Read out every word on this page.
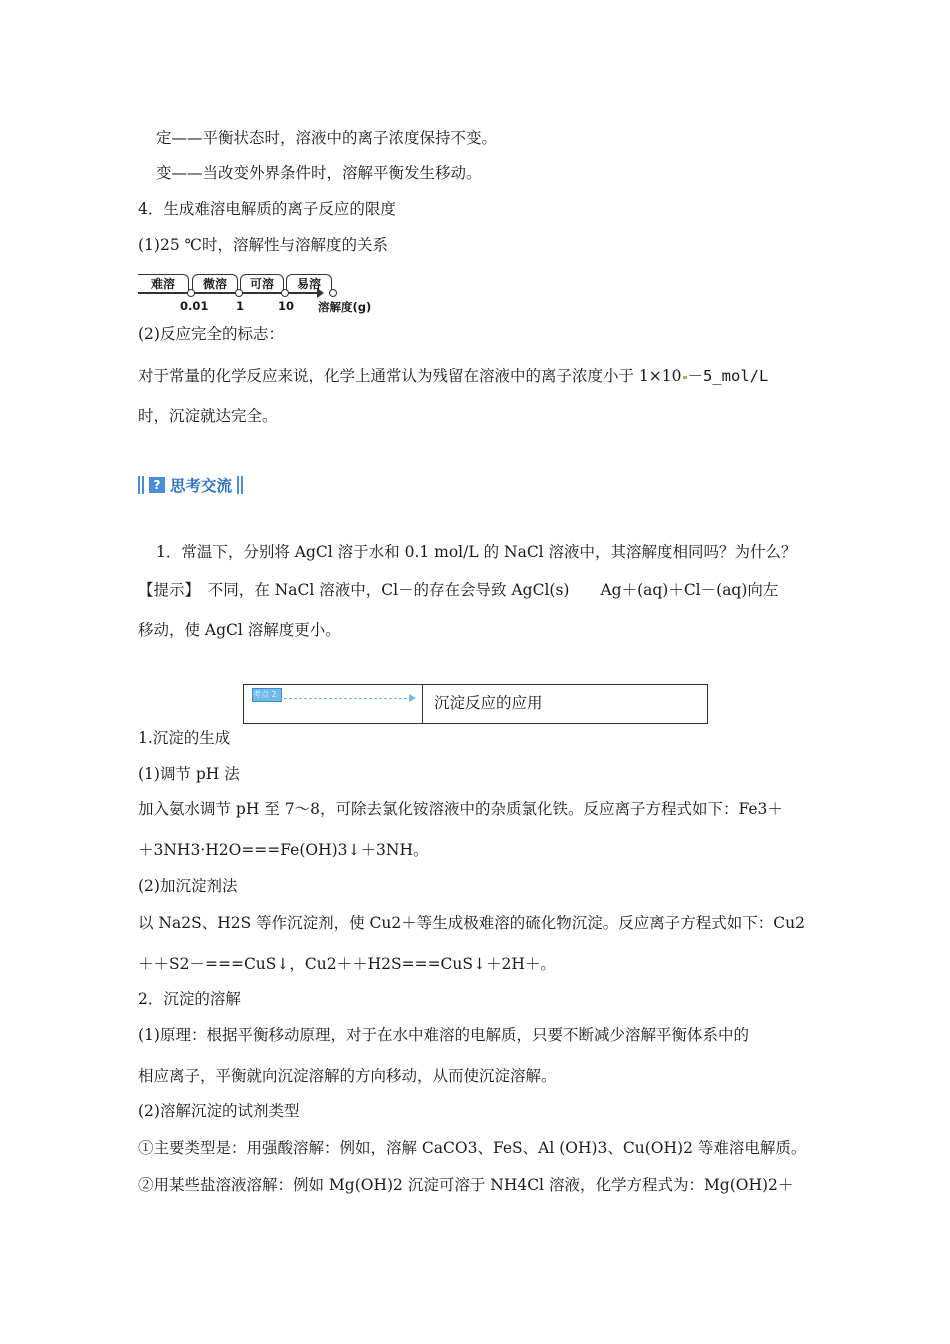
定——平衡状态时，溶液中的离子浓度保持不变。
变——当改变外界条件时，溶解平衡发生移动。
4．生成难溶电解质的离子反应的限度
(1)25 ℃时，溶解性与溶解度的关系
难溶	微溶	可溶	易溶
0.01 1	10 溶解度(g)
(2)反应完全的标志：
对于常量的化学反应来说，化学上通常认为残留在溶液中的离子浓度小于 1×10 －5_mol/L
时，沉淀就达完全。
? 思考交流
1．常温下，分别将 AgCl 溶于水和 0.1 mol/L 的 NaCl 溶液中，其溶解度相同吗？为什么？
【提示】　不同，在 NaCl 溶液中，Cl－的存在会导致 AgCl(s)　　Ag＋(aq)＋Cl－(aq)向左
移动，使 AgCl 溶解度更小。
考点 2	沉淀反应的应用
1.沉淀的生成
(1)调节 pH 法
加入氨水调节 pH 至 7～8，可除去氯化铵溶液中的杂质氯化铁。反应离子方程式如下：Fe3＋
＋3NH3·H2O===Fe(OH)3↓＋3NH。
(2)加沉淀剂法
以 Na2S、H2S 等作沉淀剂，使 Cu2＋等生成极难溶的硫化物沉淀。反应离子方程式如下：Cu2
＋＋S2－===CuS↓，Cu2＋＋H2S===CuS↓＋2H＋。
2．沉淀的溶解
(1)原理：根据平衡移动原理，对于在水中难溶的电解质，只要不断减少溶解平衡体系中的
相应离子，平衡就向沉淀溶解的方向移动，从而使沉淀溶解。
(2)溶解沉淀的试剂类型
①主要类型是：用强酸溶解：例如，溶解 CaCO3、FeS、Al (OH)3、Cu(OH)2 等难溶电解质。
②用某些盐溶液溶解：例如 Mg(OH)2 沉淀可溶于 NH4Cl 溶液，化学方程式为：Mg(OH)2＋
